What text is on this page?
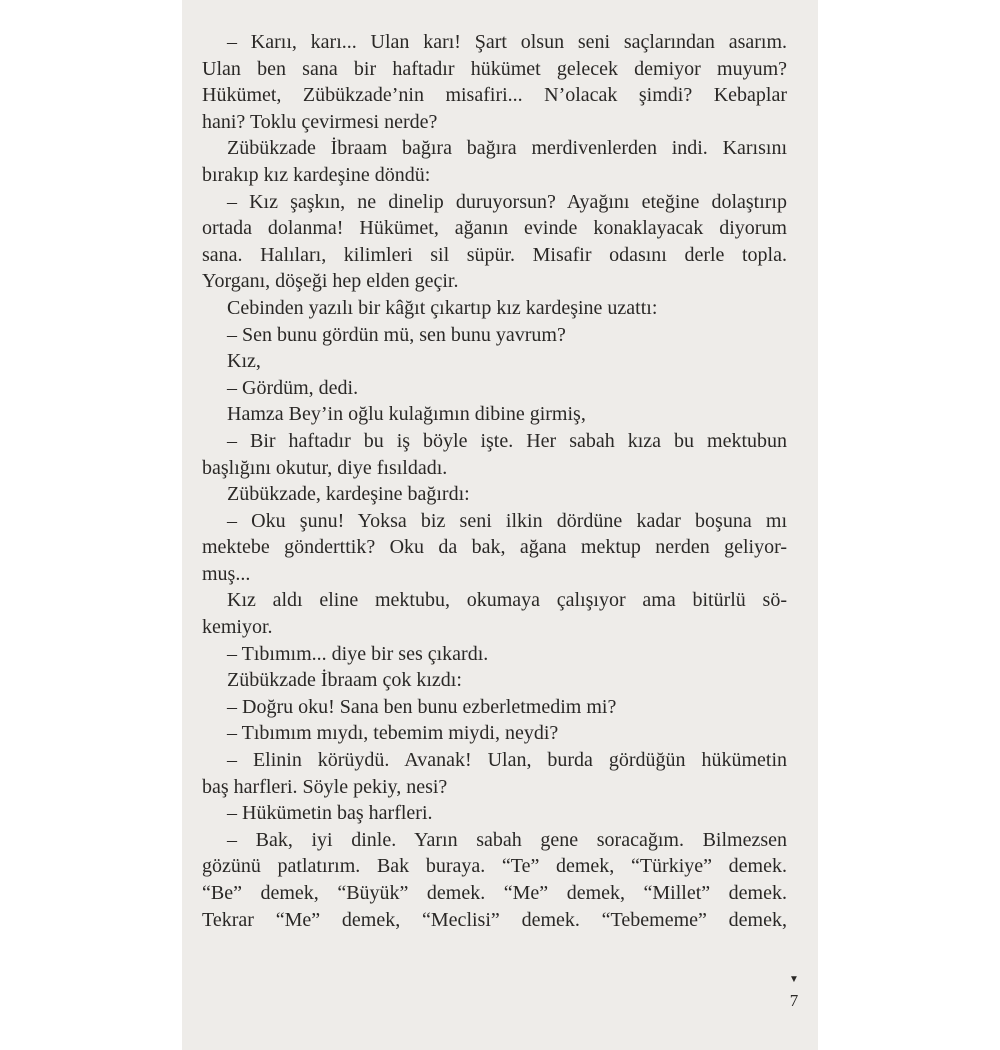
– Karıı, karı... Ulan karı! Şart olsun seni saçlarından asarım.
Ulan ben sana bir haftadır hükümet gelecek demiyor muyum?
Hükümet, Zübükzade’nin misafiri... N’olacak şimdi? Kebaplar
hani? Toklu çevirmesi nerde?
Zübükzade İbraam bağıra bağıra merdivenlerden indi. Karısını
bırakıp kız kardeşine döndü:
– Kız şaşkın, ne dinelip duruyorsun? Ayağını eteğine dolaştırıp
ortada dolanma! Hükümet, ağanın evinde konaklayacak diyorum
sana. Halıları, kilimleri sil süpür. Misafir odasını derle topla.
Yorganı, döşeği hep elden geçir.
Cebinden yazılı bir kâğıt çıkartıp kız kardeşine uzattı:
– Sen bunu gördün mü, sen bunu yavrum?
Kız,
– Gördüm, dedi.
Hamza Bey’in oğlu kulağımın dibine girmiş,
– Bir haftadır bu iş böyle işte. Her sabah kıza bu mektubun
başlığını okutur, diye fısıldadı.
Zübükzade, kardeşine bağırdı:
– Oku şunu! Yoksa biz seni ilkin dördüne kadar boşuna mı
mektebe gönderttik? Oku da bak, ağana mektup nerden geliyor-
muş...
Kız aldı eline mektubu, okumaya çalışıyor ama bitürlü sö-
kemiyor.
– Tıbımım... diye bir ses çıkardı.
Zübükzade İbraam çok kızdı:
– Doğru oku! Sana ben bunu ezberletmedim mi?
– Tıbımım mıydı, tebemim miydi, neydi?
– Elinin körüydü. Avanak! Ulan, burda gördüğün hükümetin
baş harfleri. Söyle pekiy, nesi?
– Hükümetin baş harfleri.
– Bak, iyi dinle. Yarın sabah gene soracağım. Bilmezsen
gözünü patlatırım. Bak buraya. “Te” demek, “Türkiye” demek.
“Be” demek, “Büyük” demek. “Me” demek, “Millet” demek.
Tekrar “Me” demek, “Meclisi” demek. “Tebememe” demek,
▼
7
